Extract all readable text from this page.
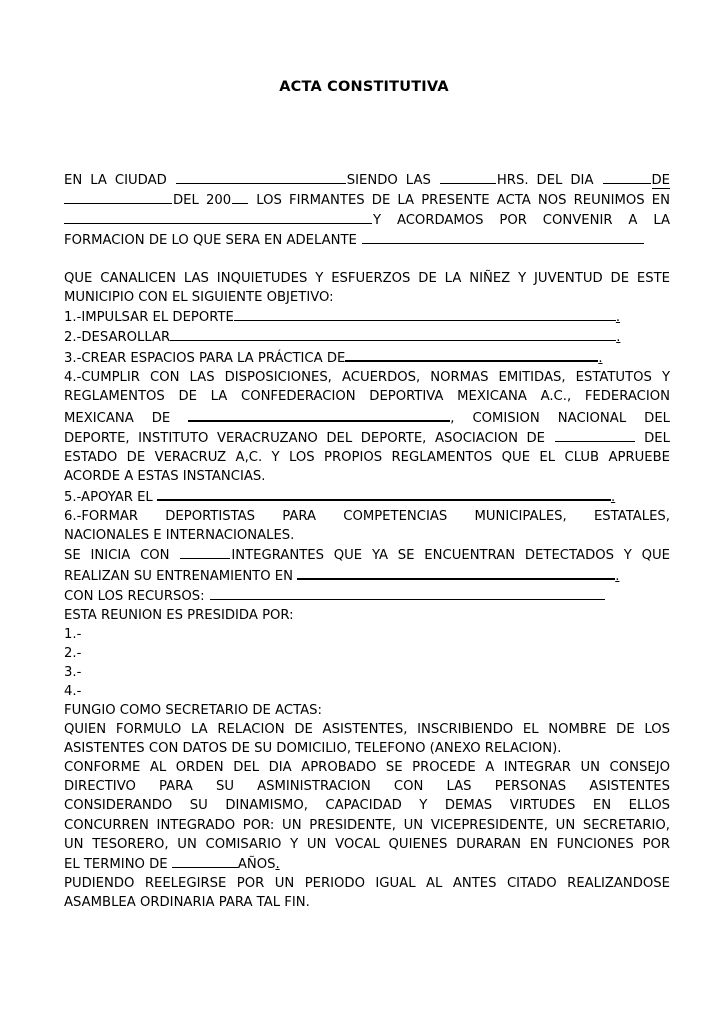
ACTA CONSTITUTIVA
EN LA CIUDAD	SIENDO LAS	HRS. DEL DIA	DE
DEL 200 LOS FIRMANTES DE LA PRESENTE ACTA NOS REUNIMOS EN
Y ACORDAMOS POR CONVENIR A LA
FORMACION DE LO QUE SERA EN ADELANTE
QUE CANALICEN LAS INQUIETUDES Y ESFUERZOS DE LA NIÑEZ Y JUVENTUD DE ESTE
MUNICIPIO CON EL SIGUIENTE OBJETIVO:
1.-IMPULSAR EL DEPORTE	.
2.-DESAROLLAR	.
3.-CREAR ESPACIOS PARA LA PRÁCTICA DE	.
4.-CUMPLIR CON LAS DISPOSICIONES, ACUERDOS, NORMAS EMITIDAS, ESTATUTOS Y
REGLAMENTOS DE LA CONFEDERACION DEPORTIVA MEXICANA A.C., FEDERACION
MEXICANA DE	, COMISION NACIONAL DEL
DEPORTE, INSTITUTO VERACRUZANO DEL DEPORTE, ASOCIACION DE	DEL
ESTADO DE VERACRUZ A,C. Y LOS PROPIOS REGLAMENTOS QUE EL CLUB APRUEBE
ACORDE A ESTAS INSTANCIAS.
5.-APOYAR EL	.
6.-FORMAR DEPORTISTAS PARA COMPETENCIAS MUNICIPALES, ESTATALES,
NACIONALES E INTERNACIONALES.
SE INICIA CON	INTEGRANTES QUE YA SE ENCUENTRAN DETECTADOS Y QUE
REALIZAN SU ENTRENAMIENTO EN	.
CON LOS RECURSOS:
ESTA REUNION ES PRESIDIDA POR:
1.-
2.-
3.-
4.-
FUNGIO COMO SECRETARIO DE ACTAS:
QUIEN FORMULO LA RELACION DE ASISTENTES, INSCRIBIENDO EL NOMBRE DE LOS
ASISTENTES CON DATOS DE SU DOMICILIO, TELEFONO (ANEXO RELACION).
CONFORME AL ORDEN DEL DIA APROBADO SE PROCEDE A INTEGRAR UN CONSEJO
DIRECTIVO PARA SU ASMINISTRACION CON LAS PERSONAS ASISTENTES
CONSIDERANDO SU DINAMISMO, CAPACIDAD Y DEMAS VIRTUDES EN ELLOS
CONCURREN INTEGRADO POR: UN PRESIDENTE, UN VICEPRESIDENTE, UN SECRETARIO,
UN TESORERO, UN COMISARIO Y UN VOCAL QUIENES DURARAN EN FUNCIONES POR
EL TERMINO DE	AÑOS.
PUDIENDO REELEGIRSE POR UN PERIODO IGUAL AL ANTES CITADO REALIZANDOSE
ASAMBLEA ORDINARIA PARA TAL FIN.
